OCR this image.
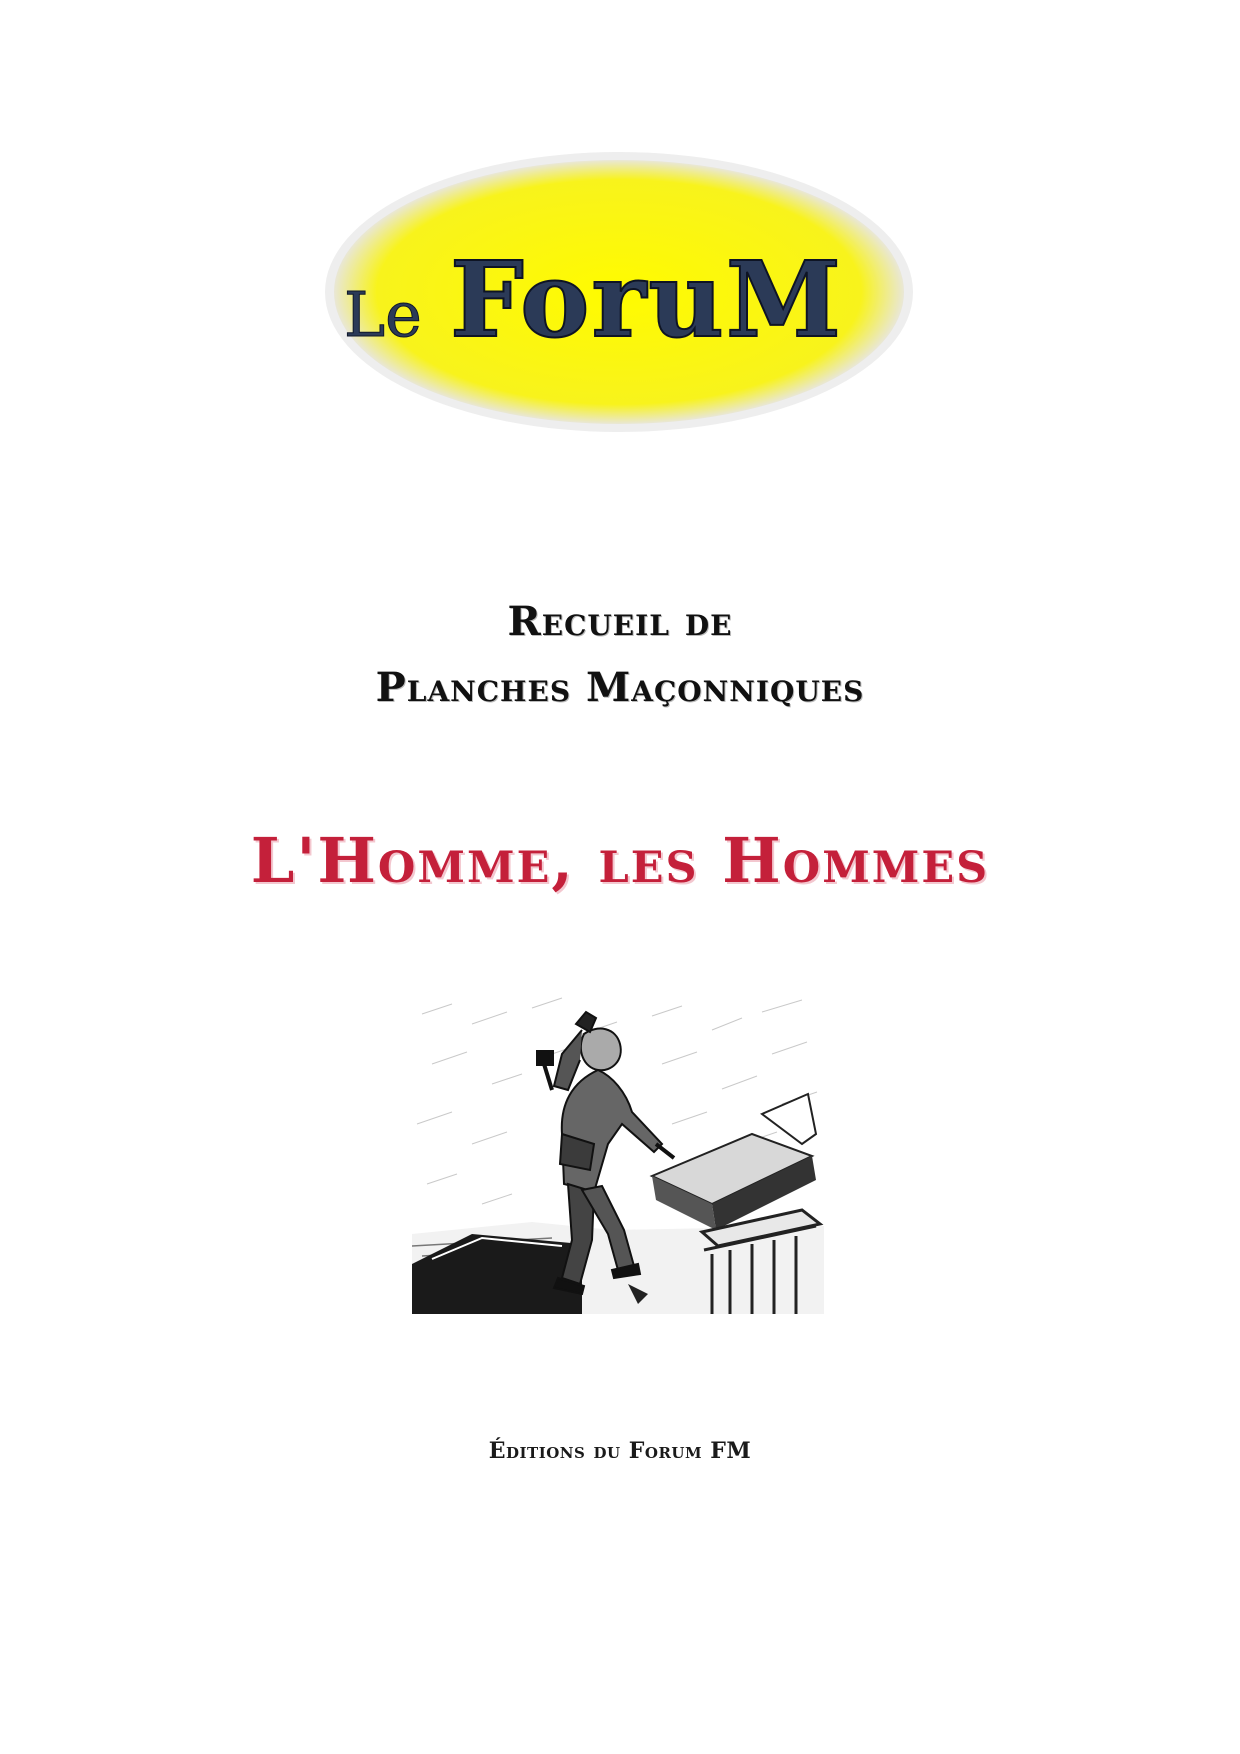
Le ForuM
Recueil de
Planches Maçonniques
L'Homme, les Hommes
Éditions du Forum FM
